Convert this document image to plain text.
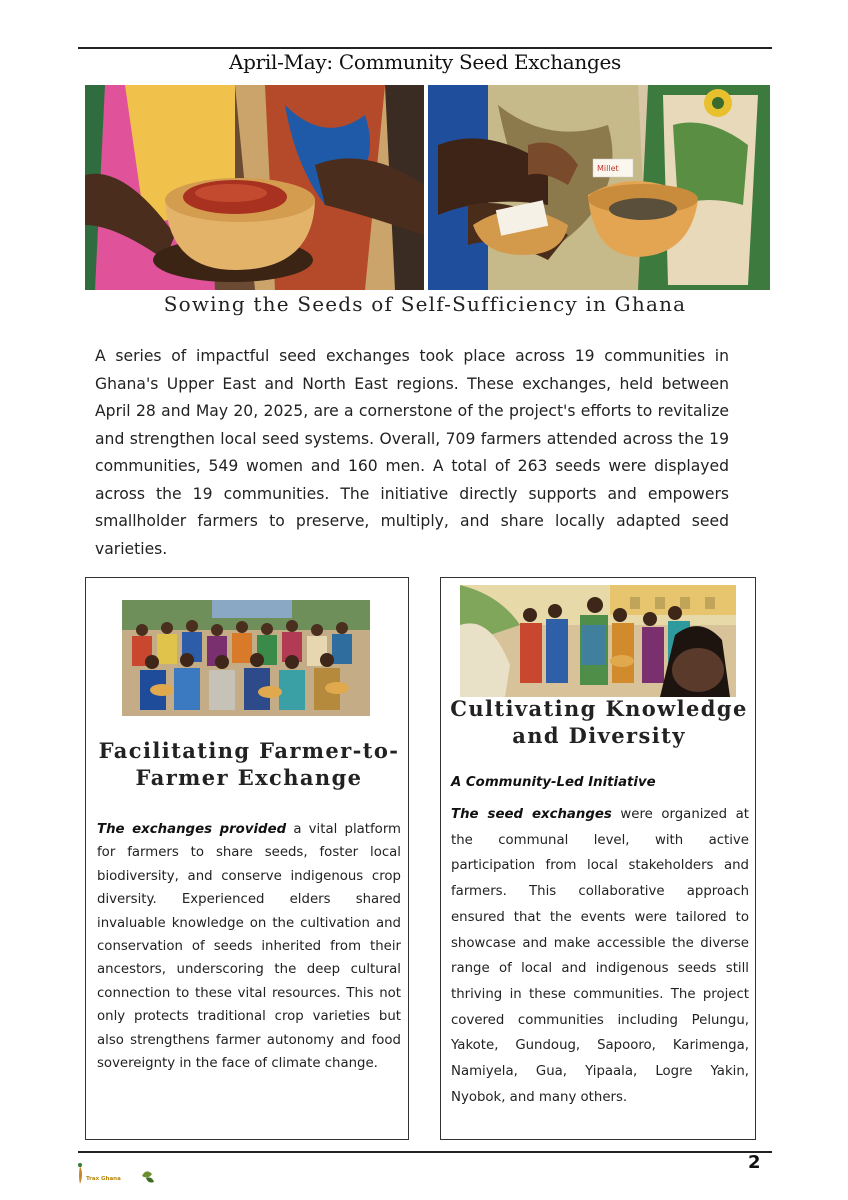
April-May: Community Seed Exchanges
Millet
Sowing the Seeds of Self-Sufficiency in Ghana

A series of impactful seed exchanges took place across 19 communities in Ghana's Upper East and North East regions. These exchanges, held between April 28 and May 20, 2025, are a cornerstone of the project's efforts to revitalize and strengthen local seed systems. Overall, 709 farmers attended across the 19 communities, 549 women and 160 men. A total of 263 seeds were displayed across the 19 communities. The initiative directly supports and empowers smallholder farmers to preserve, multiply, and share locally adapted seed varieties.

Facilitating Farmer-to-Farmer Exchange

The exchanges provided a vital platform for farmers to share seeds, foster local biodiversity, and conserve indigenous crop diversity. Experienced elders shared invaluable knowledge on the cultivation and conservation of seeds inherited from their ancestors, underscoring the deep cultural connection to these vital resources. This not only protects traditional crop varieties but also strengthens farmer autonomy and food sovereignty in the face of climate change.

Cultivating Knowledge and Diversity
A Community-Led Initiative

The seed exchanges were organized at the communal level, with active participation from local stakeholders and farmers. This collaborative approach ensured that the events were tailored to showcase and make accessible the diverse range of local and indigenous seeds still thriving in these communities. The project covered communities including Pelungu, Yakote, Gundoug, Sapooro, Karimenga, Namiyela, Gua, Yipaala, Logre Yakin, Nyobok, and many others.

2
Trax Ghana
